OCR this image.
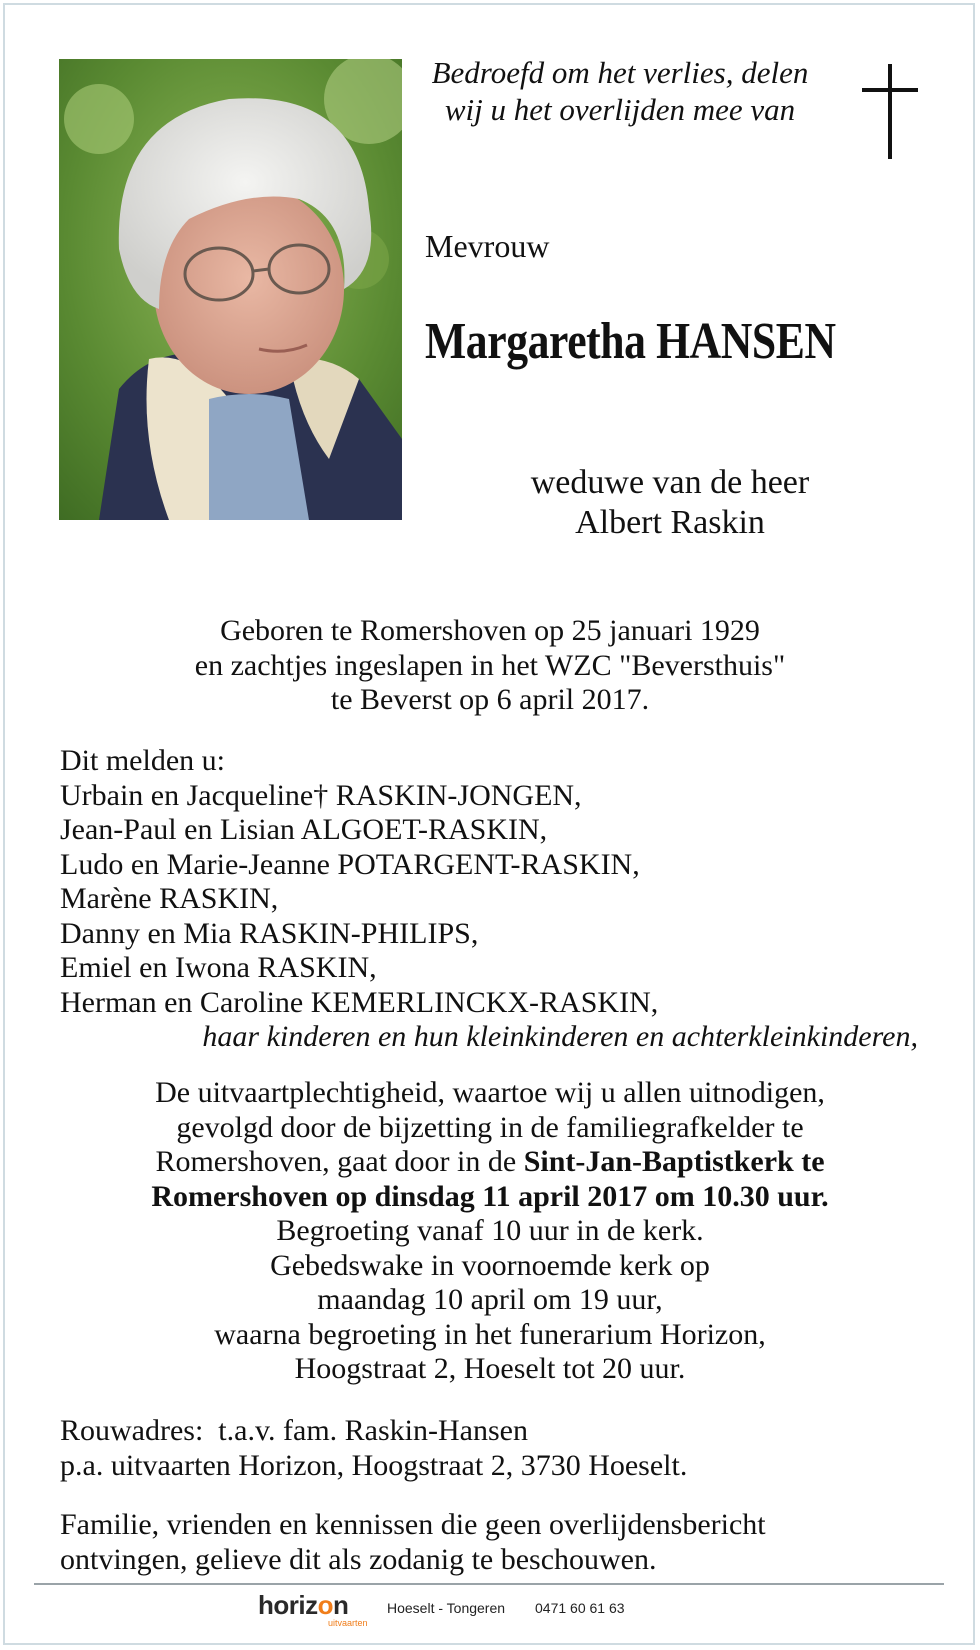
Bedroefd om het verlies, delen
wij u het overlijden mee van
Mevrouw
Margaretha HANSEN
weduwe van de heer
Albert Raskin
Geboren te Romershoven op 25 januari 1929
en zachtjes ingeslapen in het WZC "Beversthuis"
te Beverst op 6 april 2017.
Dit melden u:
Urbain en Jacqueline† RASKIN-JONGEN,
Jean-Paul en Lisian ALGOET-RASKIN,
Ludo en Marie-Jeanne POTARGENT-RASKIN,
Marène RASKIN,
Danny en Mia RASKIN-PHILIPS,
Emiel en Iwona RASKIN,
Herman en Caroline KEMERLINCKX-RASKIN,
haar kinderen en hun kleinkinderen en achterkleinkinderen,
De uitvaartplechtigheid, waartoe wij u allen uitnodigen,
gevolgd door de bijzetting in de familiegrafkelder te
Romershoven, gaat door in de Sint-Jan-Baptistkerk te
Romershoven op dinsdag 11 april 2017 om 10.30 uur.
Begroeting vanaf 10 uur in de kerk.
Gebedswake in voornoemde kerk op
maandag 10 april om 19 uur,
waarna begroeting in het funerarium Horizon,
Hoogstraat 2, Hoeselt tot 20 uur.
Rouwadres:  t.a.v. fam. Raskin-Hansen
p.a. uitvaarten Horizon, Hoogstraat 2, 3730 Hoeselt.
Familie, vrienden en kennissen die geen overlijdensbericht
ontvingen, gelieve dit als zodanig te beschouwen.
horizon
uitvaarten
Hoeselt - Tongeren 0471 60 61 63
